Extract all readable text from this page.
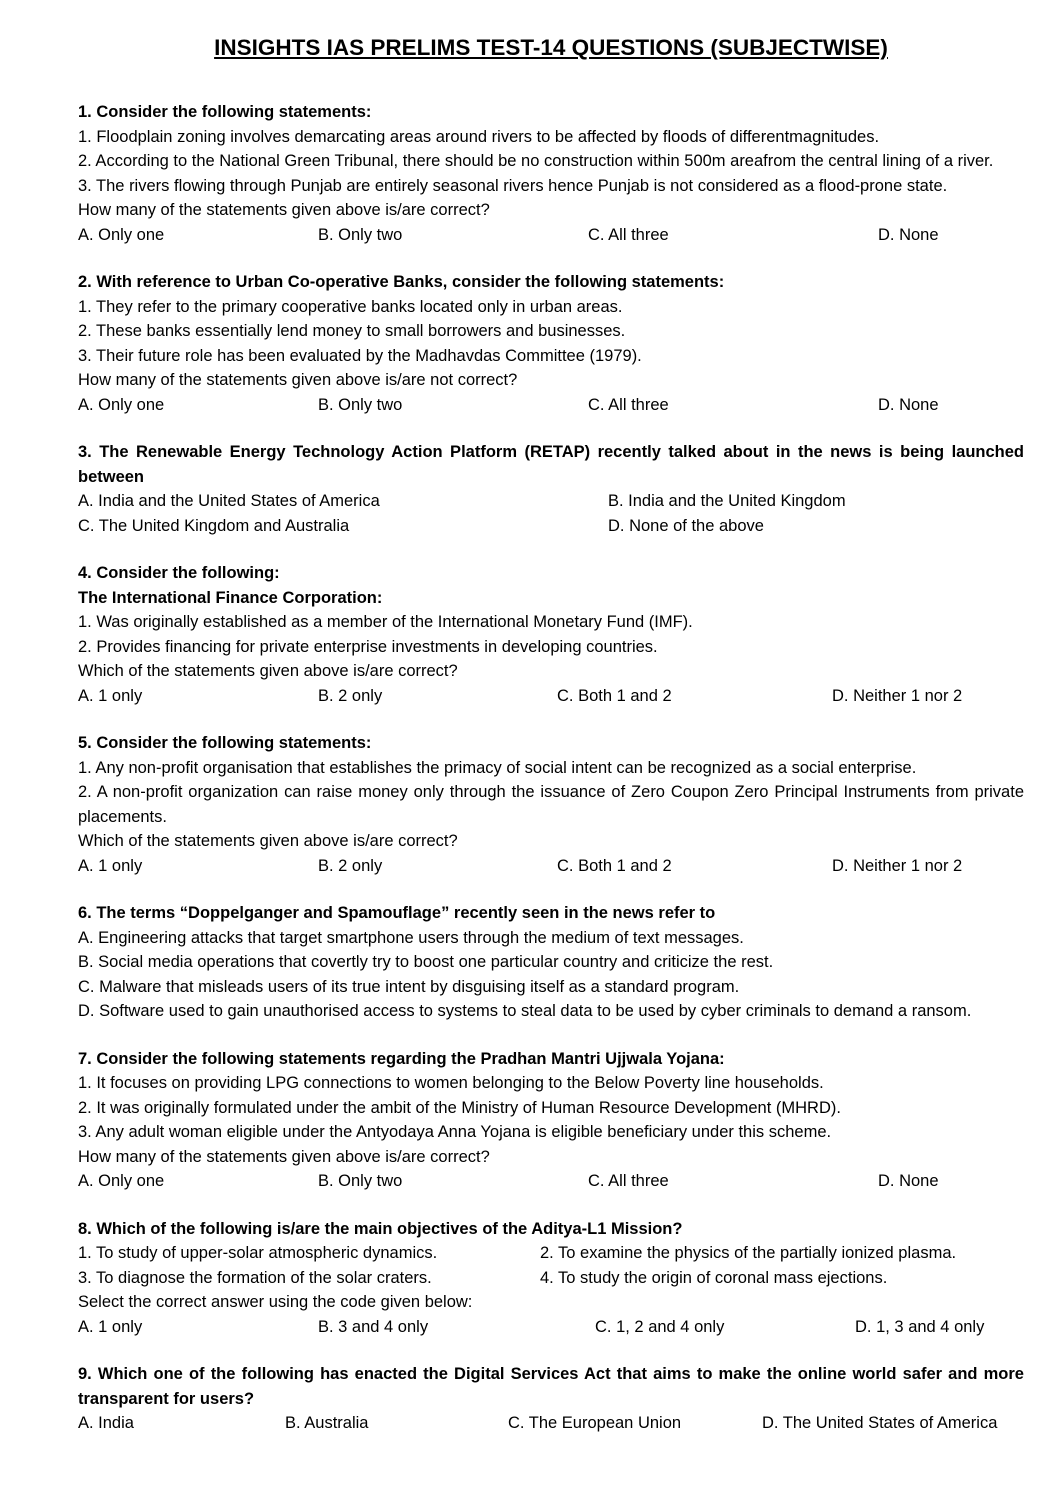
INSIGHTS IAS PRELIMS TEST-14 QUESTIONS (SUBJECTWISE)

1. Consider the following statements:

1. Floodplain zoning involves demarcating areas around rivers to be affected by floods of differentmagnitudes.

2. According to the National Green Tribunal, there should be no construction within 500m areafrom the central lining of a river.

3. The rivers flowing through Punjab are entirely seasonal rivers hence Punjab is not considered as a flood-prone state.

How many of the statements given above is/are correct?

A. Only one	B. Only two	C. All three	D. None

2. With reference to Urban Co-operative Banks, consider the following statements:

1. They refer to the primary cooperative banks located only in urban areas.

2. These banks essentially lend money to small borrowers and businesses.

3. Their future role has been evaluated by the Madhavdas Committee (1979).

How many of the statements given above is/are not correct?

A. Only one	B. Only two	C. All three	D. None

3. The Renewable Energy Technology Action Platform (RETAP) recently talked about in the news is being launched between

A. India and the United States of America	B. India and the United Kingdom
C. The United Kingdom and Australia	D. None of the above

4. Consider the following:

The International Finance Corporation:

1. Was originally established as a member of the International Monetary Fund (IMF).

2. Provides financing for private enterprise investments in developing countries.

Which of the statements given above is/are correct?

A. 1 only	B. 2 only	C. Both 1 and 2	D. Neither 1 nor 2

5. Consider the following statements:

1. Any non-profit organisation that establishes the primacy of social intent can be recognized as a social enterprise.

2. A non-profit organization can raise money only through the issuance of Zero Coupon Zero Principal Instruments from private placements.

Which of the statements given above is/are correct?

A. 1 only	B. 2 only	C. Both 1 and 2	D. Neither 1 nor 2

6. The terms “Doppelganger and Spamouflage” recently seen in the news refer to

A. Engineering attacks that target smartphone users through the medium of text messages.

B. Social media operations that covertly try to boost one particular country and criticize the rest.

C. Malware that misleads users of its true intent by disguising itself as a standard program.

D. Software used to gain unauthorised access to systems to steal data to be used by cyber criminals to demand a ransom.

7. Consider the following statements regarding the Pradhan Mantri Ujjwala Yojana:

1. It focuses on providing LPG connections to women belonging to the Below Poverty line households.

2. It was originally formulated under the ambit of the Ministry of Human Resource Development (MHRD).

3. Any adult woman eligible under the Antyodaya Anna Yojana is eligible beneficiary under this scheme.

How many of the statements given above is/are correct?

A. Only one	B. Only two	C. All three	D. None

8. Which of the following is/are the main objectives of the Aditya-L1 Mission?

1. To study of upper-solar atmospheric dynamics.	2. To examine the physics of the partially ionized plasma.
3. To diagnose the formation of the solar craters.	4. To study the origin of coronal mass ejections.

Select the correct answer using the code given below:

A. 1 only	B. 3 and 4 only	C. 1, 2 and 4 only	D. 1, 3 and 4 only

9. Which one of the following has enacted the Digital Services Act that aims to make the online world safer and more transparent for users?

A. India	B. Australia	C. The European Union	D. The United States of America
